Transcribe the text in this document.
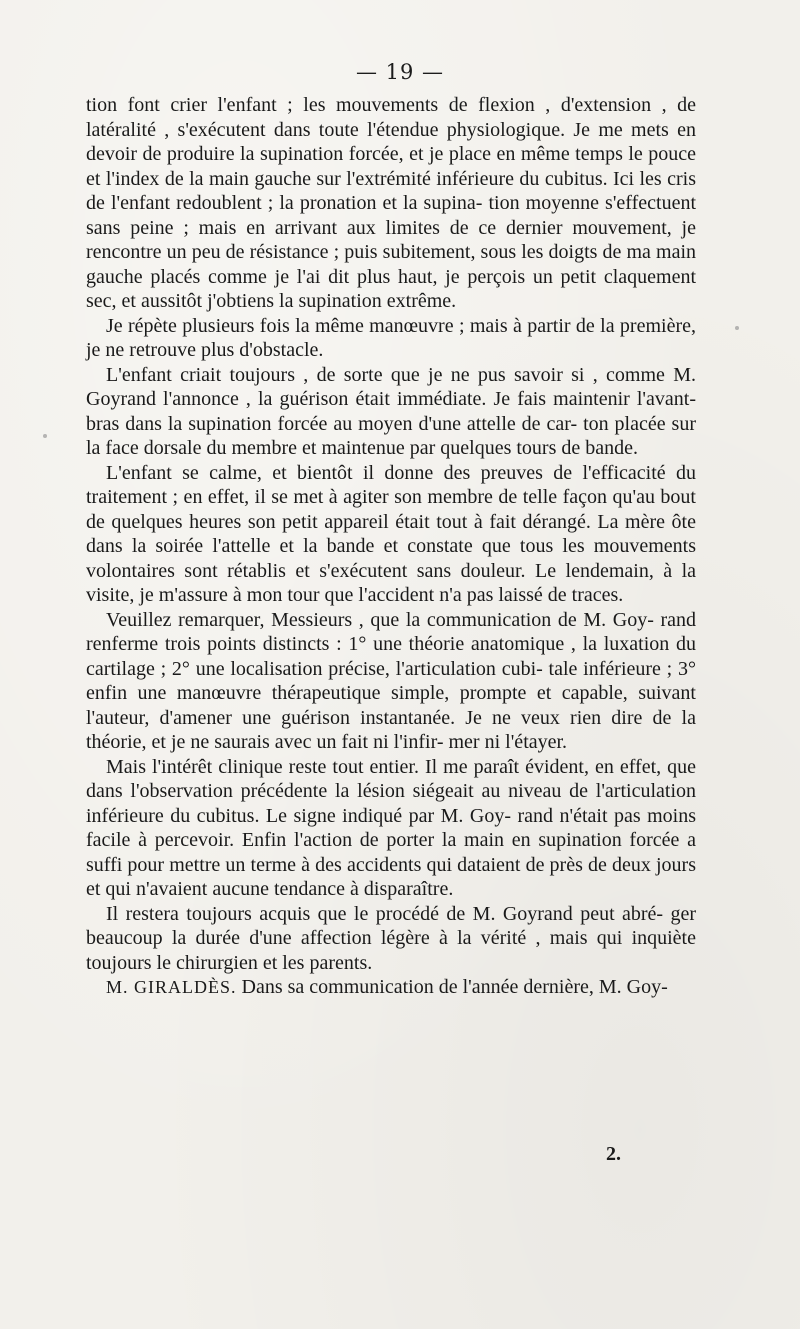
— 19 —

tion font crier l'enfant ; les mouvements de flexion , d'extension , de latéralité , s'exécutent dans toute l'étendue physiologique. Je me mets en devoir de produire la supination forcée, et je place en même temps le pouce et l'index de la main gauche sur l'extrémité inférieure du cubitus. Ici les cris de l'enfant redoublent ; la pronation et la supina- tion moyenne s'effectuent sans peine ; mais en arrivant aux limites de ce dernier mouvement, je rencontre un peu de résistance ; puis subitement, sous les doigts de ma main gauche placés comme je l'ai dit plus haut, je perçois un petit claquement sec, et aussitôt j'obtiens la supination extrême.

Je répète plusieurs fois la même manœuvre ; mais à partir de la première, je ne retrouve plus d'obstacle.

L'enfant criait toujours , de sorte que je ne pus savoir si , comme M. Goyrand l'annonce , la guérison était immédiate. Je fais maintenir l'avant-bras dans la supination forcée au moyen d'une attelle de car- ton placée sur la face dorsale du membre et maintenue par quelques tours de bande.

L'enfant se calme, et bientôt il donne des preuves de l'efficacité du traitement ; en effet, il se met à agiter son membre de telle façon qu'au bout de quelques heures son petit appareil était tout à fait dérangé. La mère ôte dans la soirée l'attelle et la bande et constate que tous les mouvements volontaires sont rétablis et s'exécutent sans douleur. Le lendemain, à la visite, je m'assure à mon tour que l'accident n'a pas laissé de traces.

Veuillez remarquer, Messieurs , que la communication de M. Goy- rand renferme trois points distincts : 1° une théorie anatomique , la luxation du cartilage ; 2° une localisation précise, l'articulation cubi- tale inférieure ; 3° enfin une manœuvre thérapeutique simple, prompte et capable, suivant l'auteur, d'amener une guérison instantanée. Je ne veux rien dire de la théorie, et je ne saurais avec un fait ni l'infir- mer ni l'étayer.

Mais l'intérêt clinique reste tout entier. Il me paraît évident, en effet, que dans l'observation précédente la lésion siégeait au niveau de l'articulation inférieure du cubitus. Le signe indiqué par M. Goy- rand n'était pas moins facile à percevoir. Enfin l'action de porter la main en supination forcée a suffi pour mettre un terme à des accidents qui dataient de près de deux jours et qui n'avaient aucune tendance à disparaître.

Il restera toujours acquis que le procédé de M. Goyrand peut abré- ger beaucoup la durée d'une affection légère à la vérité , mais qui inquiète toujours le chirurgien et les parents.

M. GIRALDÈS. Dans sa communication de l'année dernière, M. Goy-

2.
